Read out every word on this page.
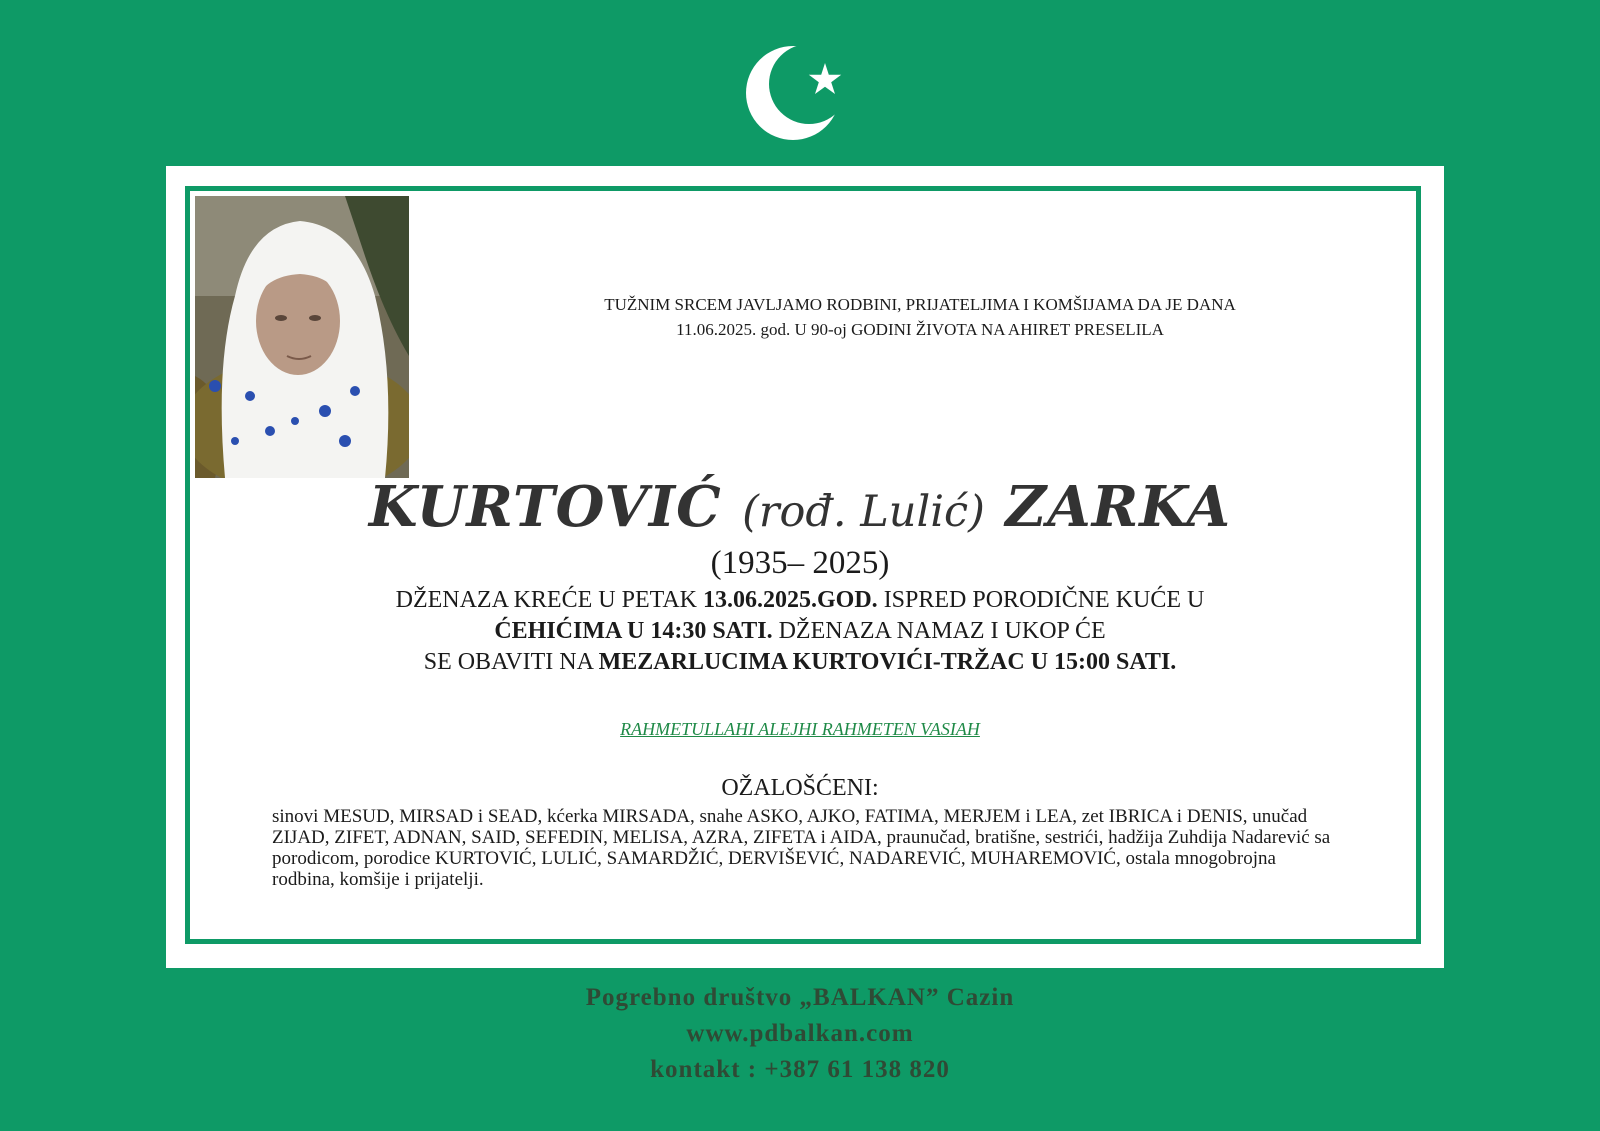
TUŽNIM SRCEM JAVLJAMO RODBINI, PRIJATELJIMA I KOMŠIJAMA DA JE DANA
11.06.2025. god. U 90-oj GODINI ŽIVOTA NA AHIRET PRESELILA
KURTOVIĆ (rođ. Lulić) ZARKA
(1935– 2025)
DŽENAZA KREĆE U PETAK 13.06.2025.GOD. ISPRED PORODIČNE KUĆE U
ĆEHIĆIMA U 14:30 SATI. DŽENAZA NAMAZ I UKOP ĆE
SE OBAVITI NA MEZARLUCIMA KURTOVIĆI-TRŽAC U 15:00 SATI.
RAHMETULLAHI ALEJHI RAHMETEN VASIAH
OŽALOŠĆENI:
sinovi MESUD, MIRSAD i SEAD, kćerka MIRSADA, snahe ASKO, AJKO, FATIMA, MERJEM i LEA, zet IBRICA i DENIS, unučad ZIJAD, ZIFET, ADNAN, SAID, SEFEDIN, MELISA, AZRA, ZIFETA i AIDA, praunučad, bratišne, sestrići, hadžija Zuhdija Nadarević sa porodicom, porodice KURTOVIĆ, LULIĆ, SAMARDŽIĆ, DERVIŠEVIĆ, NADAREVIĆ, MUHAREMOVIĆ, ostala mnogobrojna rodbina, komšije i prijatelji.
Pogrebno društvo „BALKAN” Cazin
www.pdbalkan.com
kontakt : +387 61 138 820
